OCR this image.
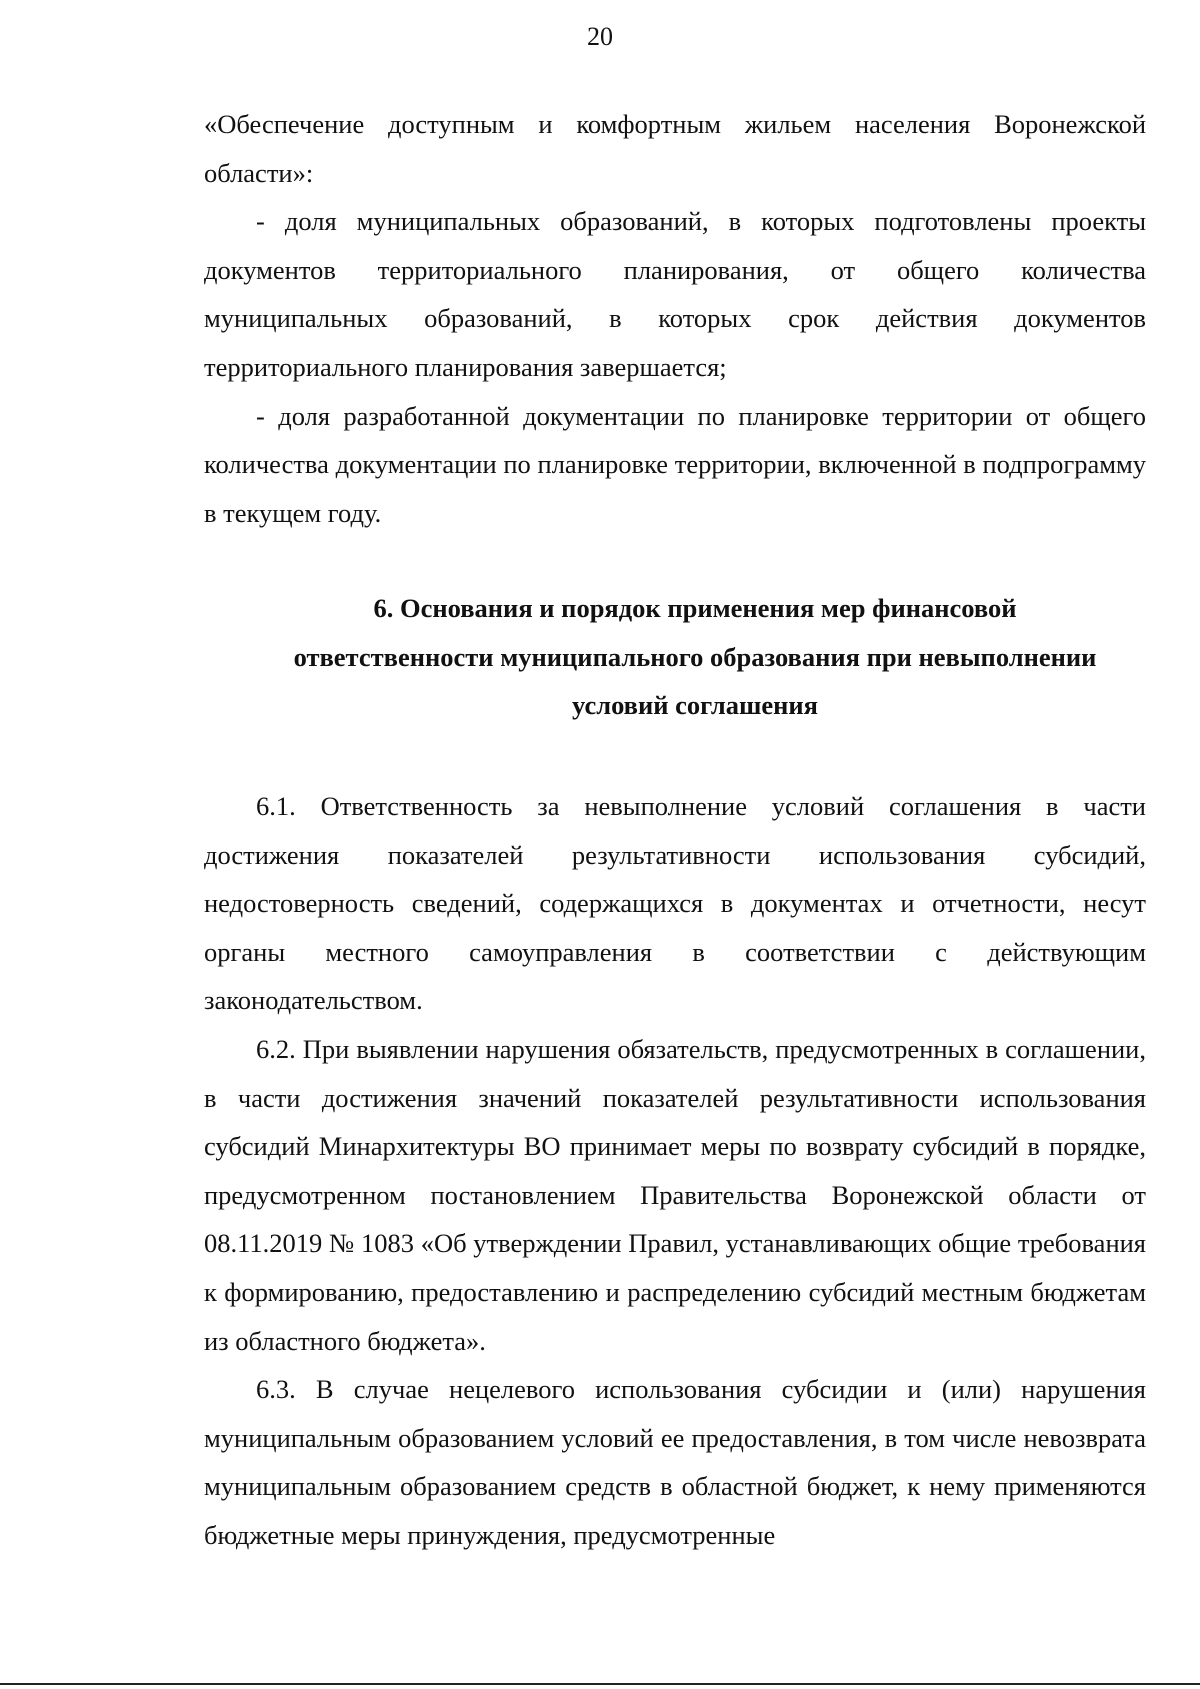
20

«Обеспечение доступным и комфортным жильем населения Воронежской области»:

- доля муниципальных образований, в которых подготовлены проекты документов территориального планирования, от общего количества муниципальных образований, в которых срок действия документов территориального планирования завершается;

- доля разработанной документации по планировке территории от общего количества документации по планировке территории, включенной в подпрограмму в текущем году.

6. Основания и порядок применения мер финансовой
ответственности муниципального образования при невыполнении
условий соглашения

6.1. Ответственность за невыполнение условий соглашения в части достижения показателей результативности использования субсидий, недостоверность сведений, содержащихся в документах и отчетности, несут органы местного самоуправления в соответствии с действующим законодательством.

6.2. При выявлении нарушения обязательств, предусмотренных в соглашении, в части достижения значений показателей результативности использования субсидий Минархитектуры ВО принимает меры по возврату субсидий в порядке, предусмотренном постановлением Правительства Воронежской области от 08.11.2019 № 1083 «Об утверждении Правил, устанавливающих общие требования к формированию, предоставлению и распределению субсидий местным бюджетам из областного бюджета».

6.3. В случае нецелевого использования субсидии и (или) нарушения муниципальным образованием условий ее предоставления, в том числе невозврата муниципальным образованием средств в областной бюджет, к нему применяются бюджетные меры принуждения, предусмотренные
